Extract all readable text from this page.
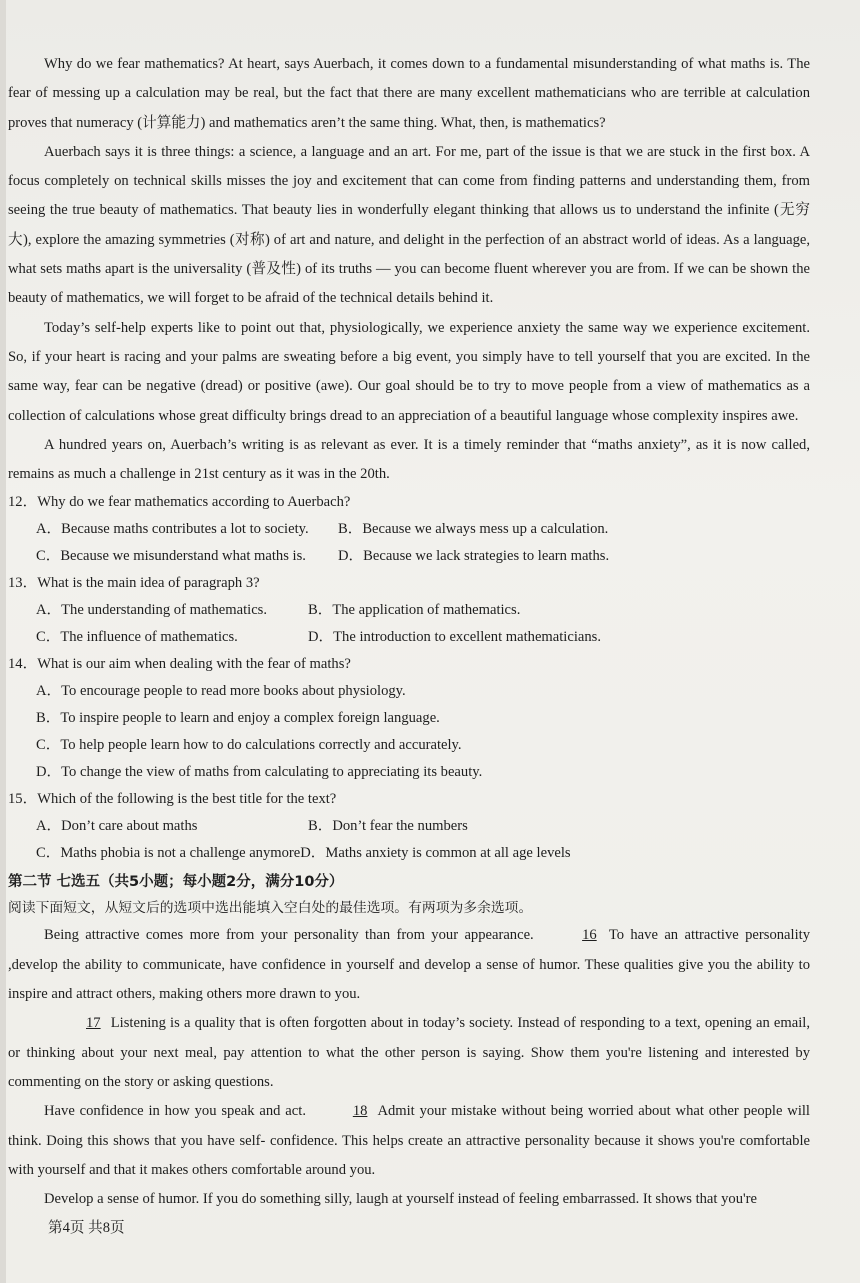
Why do we fear mathematics? At heart, says Auerbach, it comes down to a fundamental misunderstanding of what maths is. The fear of messing up a calculation may be real, but the fact that there are many excellent mathematicians who are terrible at calculation proves that numeracy (计算能力) and mathematics aren’t the same thing. What, then, is mathematics?

Auerbach says it is three things: a science, a language and an art. For me, part of the issue is that we are stuck in the first box. A focus completely on technical skills misses the joy and excitement that can come from finding patterns and understanding them, from seeing the true beauty of mathematics. That beauty lies in wonderfully elegant thinking that allows us to understand the infinite (无穷大), explore the amazing symmetries (对称) of art and nature, and delight in the perfection of an abstract world of ideas. As a language, what sets maths apart is the universality (普及性) of its truths — you can become fluent wherever you are from. If we can be shown the beauty of mathematics, we will forget to be afraid of the technical details behind it.

Today’s self-help experts like to point out that, physiologically, we experience anxiety the same way we experience excitement. So, if your heart is racing and your palms are sweating before a big event, you simply have to tell yourself that you are excited. In the same way, fear can be negative (dread) or positive (awe). Our goal should be to try to move people from a view of mathematics as a collection of calculations whose great difficulty brings dread to an appreciation of a beautiful language whose complexity inspires awe.

A hundred years on, Auerbach’s writing is as relevant as ever. It is a timely reminder that “maths anxiety”, as it is now called, remains as much a challenge in 21st century as it was in the 20th.

12．Why do we fear mathematics according to Auerbach?

A．Because maths contributes a lot to society.	B．Because we always mess up a calculation.
C．Because we misunderstand what maths is.	D．Because we lack strategies to learn maths.

13．What is the main idea of paragraph 3?

A．The understanding of mathematics.	B．The application of mathematics.
C．The influence of mathematics.	D．The introduction to excellent mathematicians.

14．What is our aim when dealing with the fear of maths?

A．To encourage people to read more books about physiology.
B．To inspire people to learn and enjoy a complex foreign language.
C．To help people learn how to do calculations correctly and accurately.
D．To change the view of maths from calculating to appreciating its beauty.

15．Which of the following is the best title for the text?

A．Don’t care about maths	B．Don’t fear the numbers
C．Maths phobia is not a challenge anymore D．Maths anxiety is common at all age levels

第二节 七选五（共5小题；每小题2分，满分10分）

阅读下面短文，从短文后的选项中选出能填入空白处的最佳选项。有两项为多余选项。

Being attractive comes more from your personality than from your appearance.	16 To have an attractive personality ,develop the ability to communicate, have confidence in yourself and develop a sense of humor. These qualities give you the ability to inspire and attract others, making others more drawn to you.

17 Listening is a quality that is often forgotten about in today’s society. Instead of responding to a text, opening an email, or thinking about your next meal, pay attention to what the other person is saying. Show them you're listening and interested by commenting on the story or asking questions.

Have confidence in how you speak and act.	18 Admit your mistake without being worried about what other people will think. Doing this shows that you have self- confidence. This helps create an attractive personality because it shows you're comfortable with yourself and that it makes others comfortable around you.

Develop a sense of humor. If you do something silly, laugh at yourself instead of feeling embarrassed. It shows that you're

第4页 共8页
